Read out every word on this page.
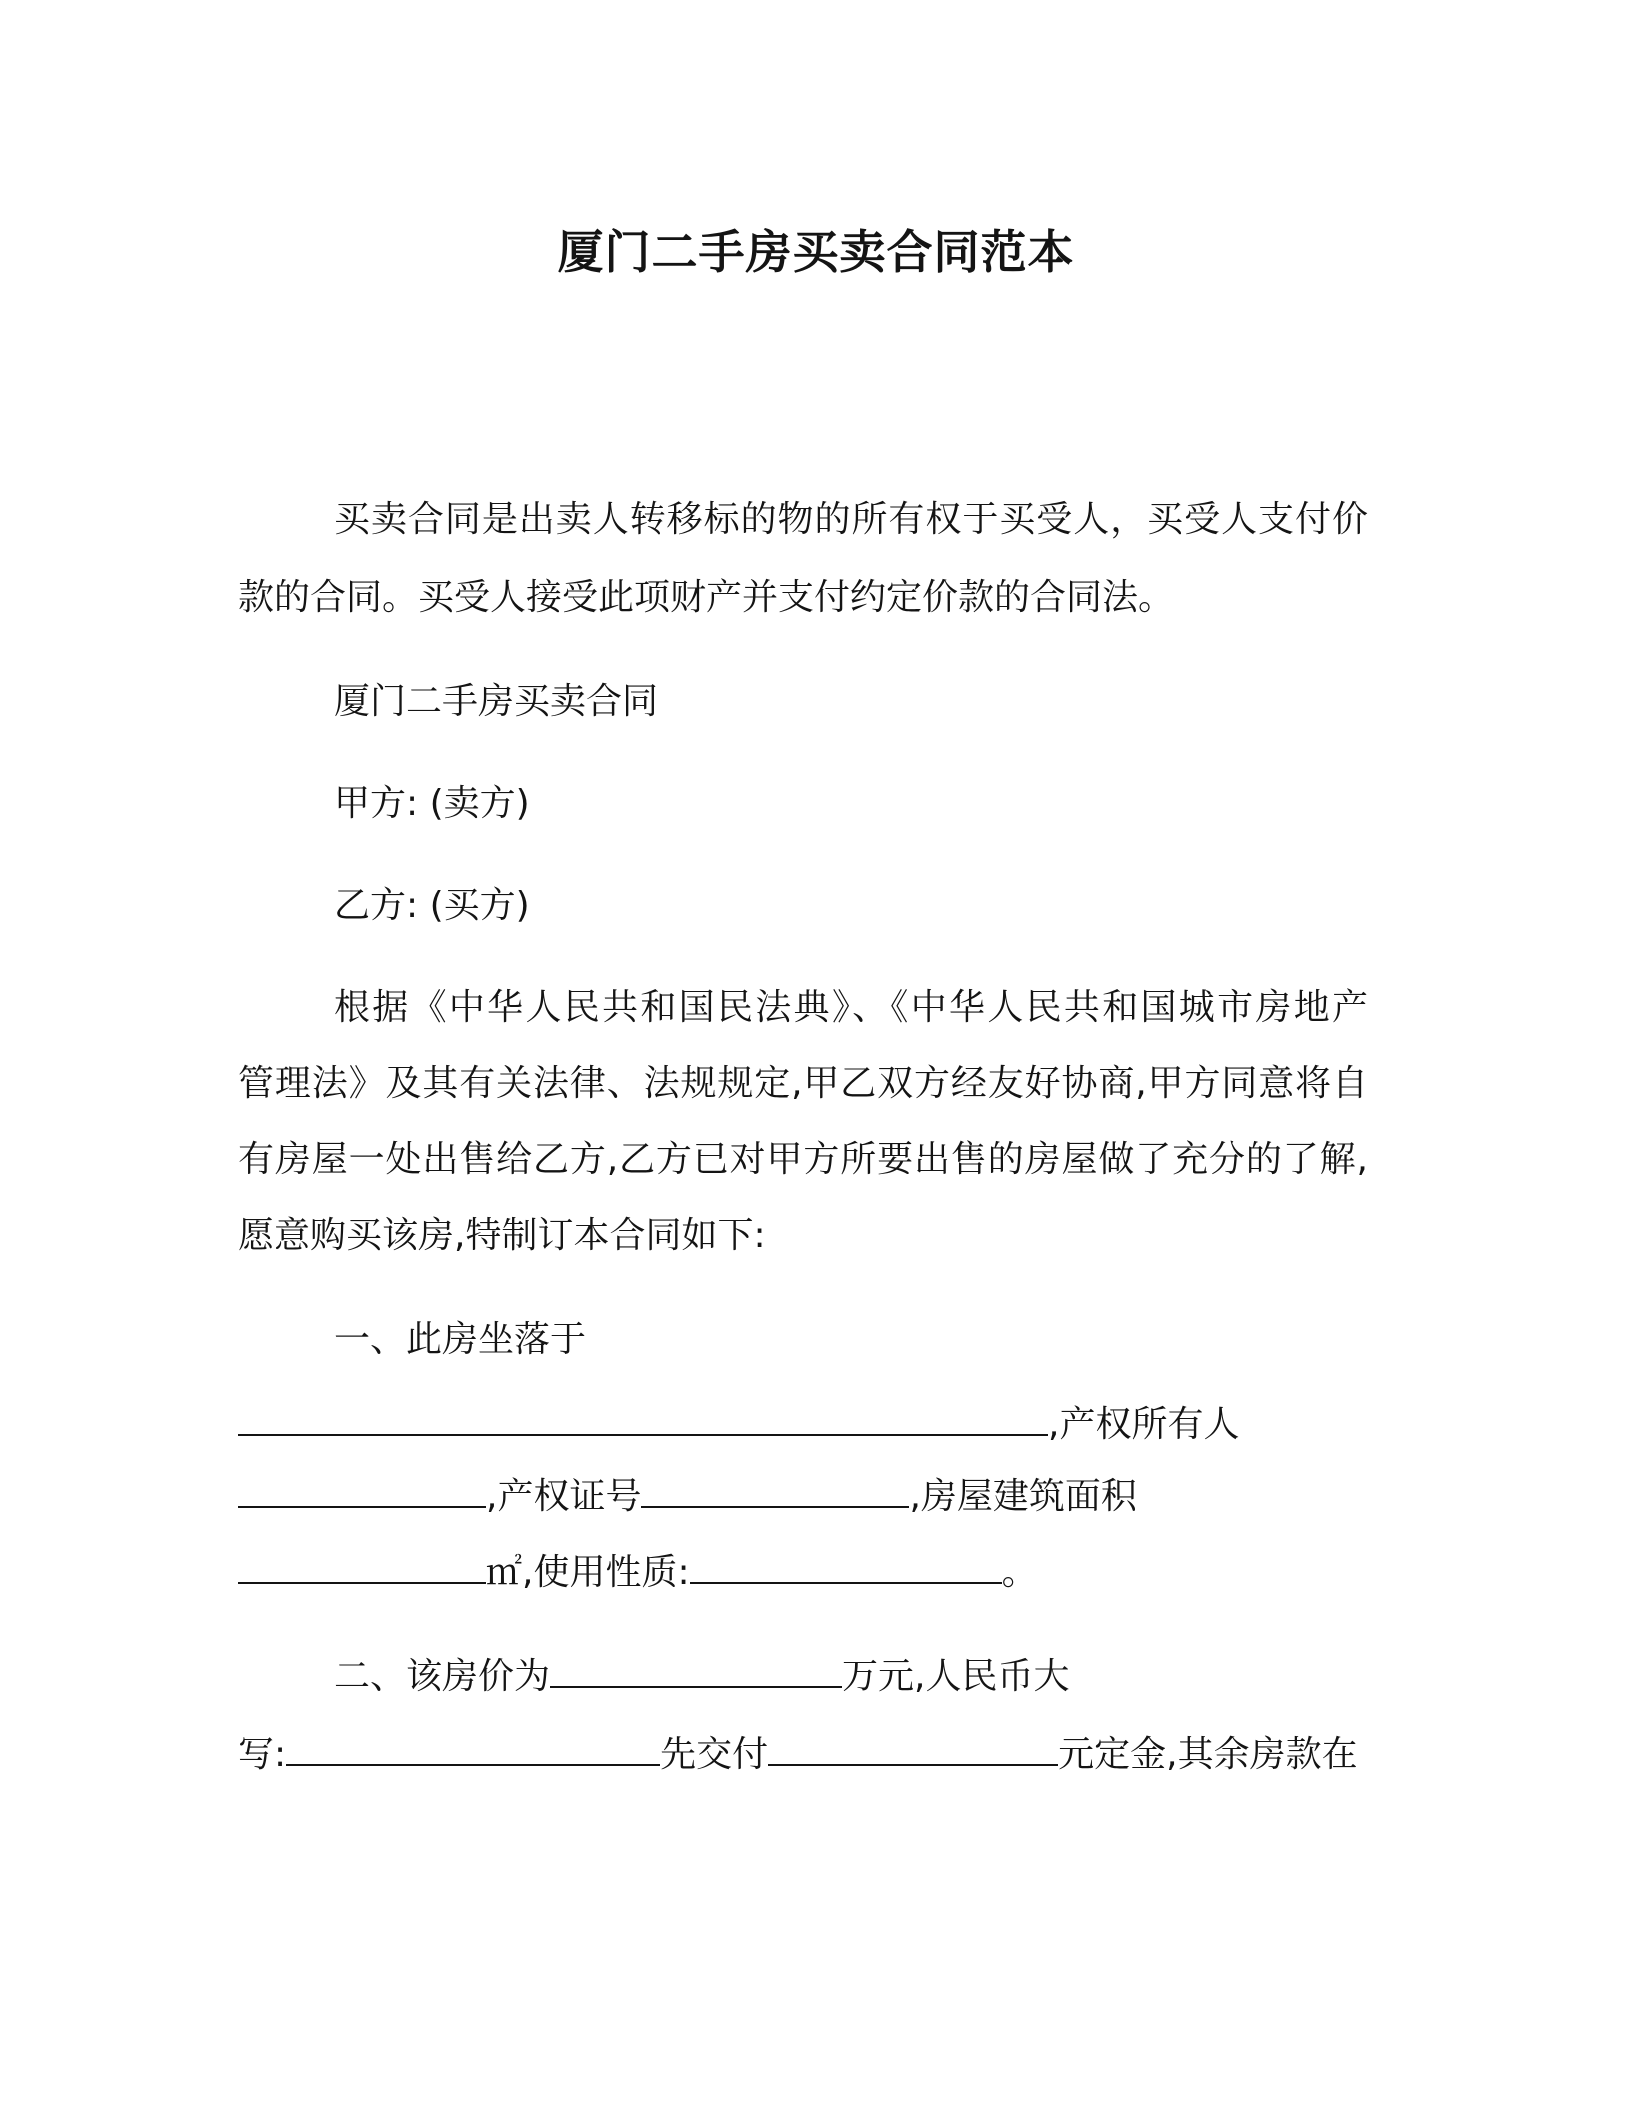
厦门二手房买卖合同范本
买卖合同是出卖人转移标的物的所有权于买受人，买受人支付价
款的合同。买受人接受此项财产并支付约定价款的合同法。
厦门二手房买卖合同
甲方: (卖方)
乙方: (买方)
根据《中华人民共和国民法典》、《中华人民共和国城市房地产
管理法》及其有关法律、法规规定,甲乙双方经友好协商,甲方同意将自
有房屋一处出售给乙方,乙方已对甲方所要出售的房屋做了充分的了解,
愿意购买该房,特制订本合同如下:
一、此房坐落于
,产权所有人
,产权证号	,房屋建筑面积
㎡,使用性质:	。
二、该房价为	万元,人民币大
写:	先交付	元定金,其余房款在
